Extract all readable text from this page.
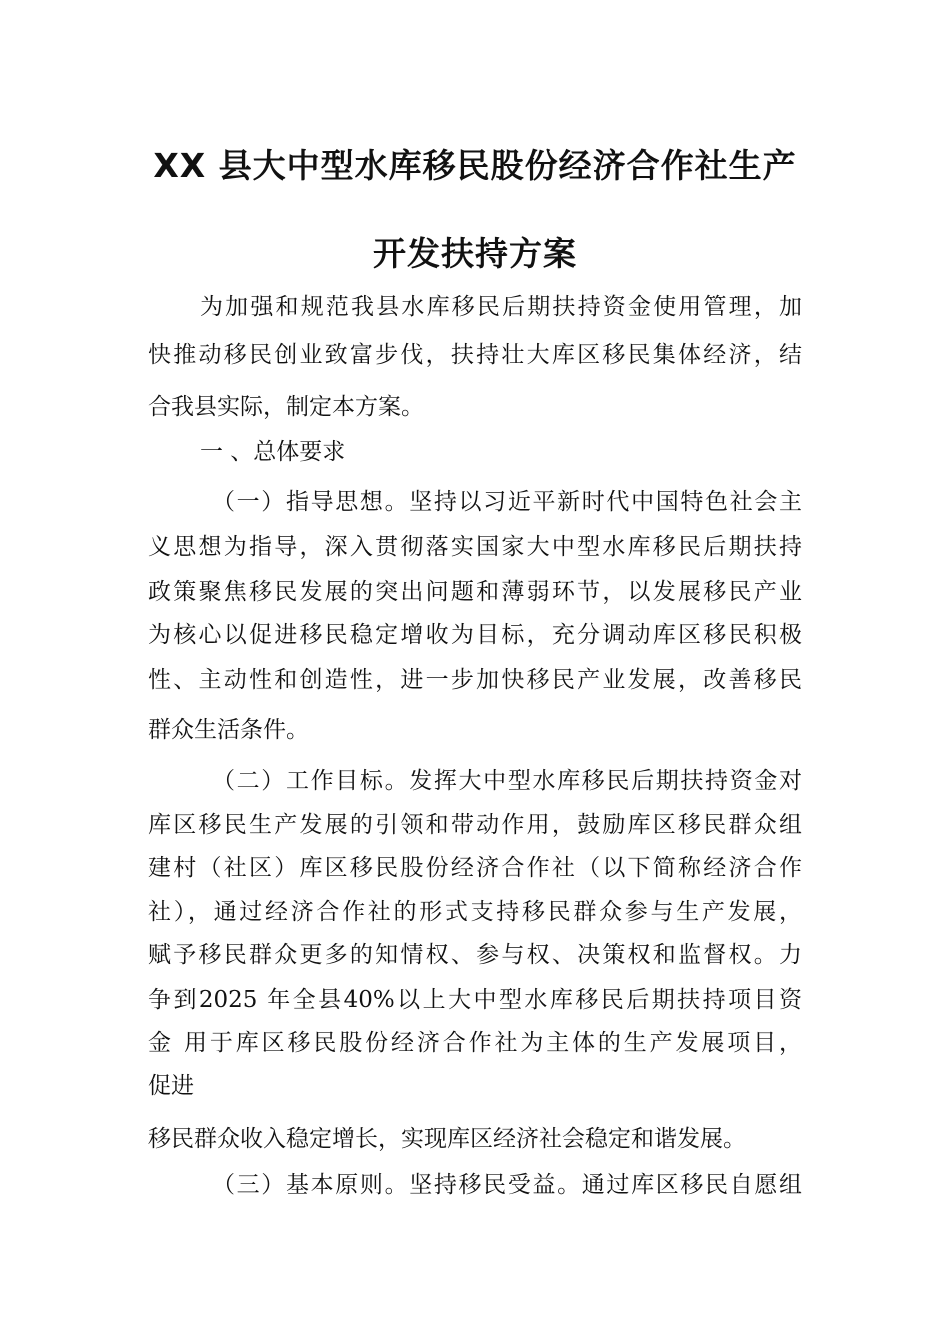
XX 县大中型水库移民股份经济合作社生产
开发扶持方案

为加强和规范我县水库移民后期扶持资金使用管理，加

快推动移民创业致富步伐，扶持壮大库区移民集体经济，结

合我县实际，制定本方案。

一 、总体要求

（一）指导思想。坚持以习近平新时代中国特色社会主

义思想为指导，深入贯彻落实国家大中型水库移民后期扶持

政策聚焦移民发展的突出问题和薄弱环节，以发展移民产业

为核心以促进移民稳定增收为目标，充分调动库区移民积极

性、主动性和创造性，进一步加快移民产业发展，改善移民

群众生活条件。

（二）工作目标。发挥大中型水库移民后期扶持资金对

库区移民生产发展的引领和带动作用，鼓励库区移民群众组

建村（社区）库区移民股份经济合作社（以下简称经济合作

社），通过经济合作社的形式支持移民群众参与生产发展，

赋予移民群众更多的知情权、参与权、决策权和监督权。力

争到2025 年全县40%以上大中型水库移民后期扶持项目资

金 用于库区移民股份经济合作社为主体的生产发展项目，

促进

移民群众收入稳定增长，实现库区经济社会稳定和谐发展。

（三）基本原则。坚持移民受益。通过库区移民自愿组
